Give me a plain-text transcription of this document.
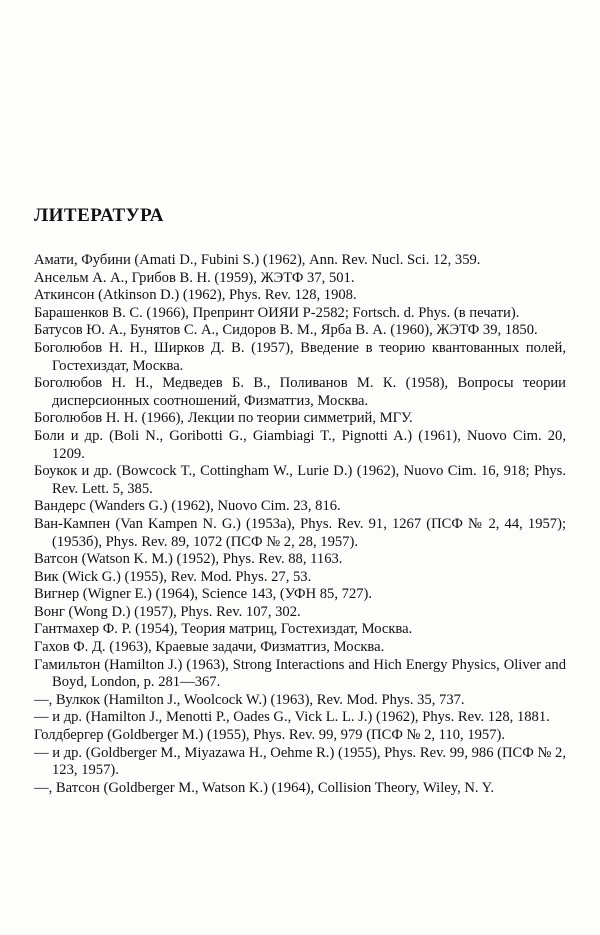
ЛИТЕРАТУРА

Амати, Фубини (Amati D., Fubini S.) (1962), Ann. Rev. Nucl. Sci. 12, 359.

Ансельм А. А., Грибов В. Н. (1959), ЖЭТФ 37, 501.

Аткинсон (Atkinson D.) (1962), Phys. Rev. 128, 1908.

Барашенков В. С. (1966), Препринт ОИЯИ Р-2582; Fortsch. d. Phys. (в печати).

Батусов Ю. А., Бунятов С. А., Сидоров В. М., Ярба В. А. (1960), ЖЭТФ 39, 1850.

Боголюбов Н. Н., Ширков Д. В. (1957), Введение в теорию квантованных полей, Гостехиздат, Москва.

Боголюбов Н. Н., Медведев Б. В., Поливанов М. К. (1958), Вопросы теории дисперсионных соотношений, Физматгиз, Москва.

Боголюбов Н. Н. (1966), Лекции по теории симметрий, МГУ.

Боли и др. (Boli N., Goribotti G., Giambiagi T., Pignotti A.) (1961), Nuovo Cim. 20, 1209.

Боукок и др. (Bowcock T., Cottingham W., Lurie D.) (1962), Nuovo Cim. 16, 918; Phys. Rev. Lett. 5, 385.

Вандерс (Wanders G.) (1962), Nuovo Cim. 23, 816.

Ван-Кампен (Van Kampen N. G.) (1953а), Phys. Rev. 91, 1267 (ПСФ № 2, 44, 1957); (1953б), Phys. Rev. 89, 1072 (ПСФ № 2, 28, 1957).

Ватсон (Watson K. M.) (1952), Phys. Rev. 88, 1163.

Вик (Wick G.) (1955), Rev. Mod. Phys. 27, 53.

Вигнер (Wigner E.) (1964), Science 143, (УФН 85, 727).

Вонг (Wong D.) (1957), Phys. Rev. 107, 302.

Гантмахер Ф. Р. (1954), Теория матриц, Гостехиздат, Москва.

Гахов Ф. Д. (1963), Краевые задачи, Физматгиз, Москва.

Гамильтон (Hamilton J.) (1963), Strong Interactions and Hich Energy Physics, Oliver and Boyd, London, р. 281—367.

—, Вулкок (Hamilton J., Woolcock W.) (1963), Rev. Mod. Phys. 35, 737.

— и др. (Hamilton J., Menotti P., Oades G., Vick L. L. J.) (1962), Phys. Rev. 128, 1881.

Голдбергер (Goldberger M.) (1955), Phys. Rev. 99, 979 (ПСФ № 2, 110, 1957).

— и др. (Goldberger M., Miyazawa H., Oehme R.) (1955), Phys. Rev. 99, 986 (ПСФ № 2, 123, 1957).

—, Ватсон (Goldberger M., Watson K.) (1964), Collision Theory, Wiley, N. Y.
